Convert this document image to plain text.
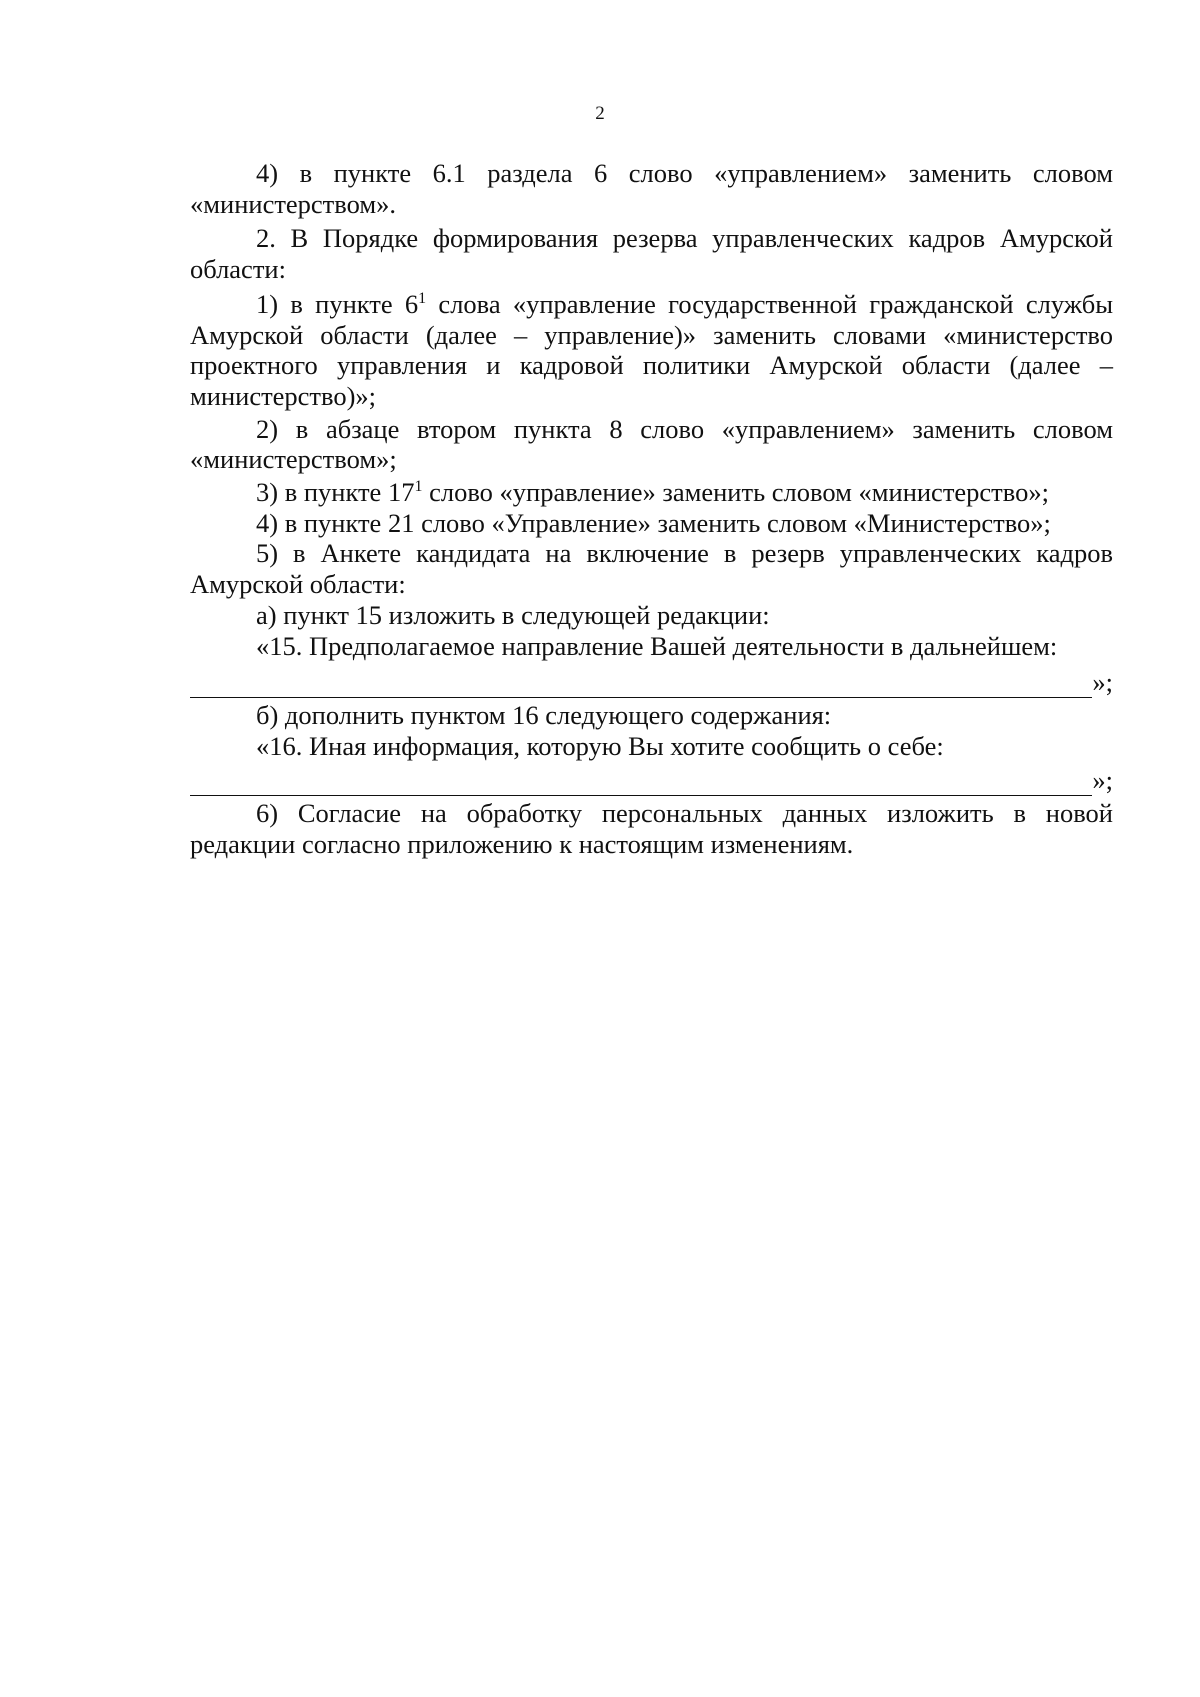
2

4) в пункте 6.1 раздела 6 слово «управлением» заменить словом «министерством».

2. В Порядке формирования резерва управленческих кадров Амурской области:

1) в пункте $6^1$ слова «управление государственной гражданской службы Амурской области (далее – управление)» заменить словами «министерство проектного управления и кадровой политики Амурской области (далее – министерство)»;

2) в абзаце втором пункта 8 слово «управлением» заменить словом «министерством»;

3) в пункте $17^1$ слово «управление» заменить словом «министерство»;

4) в пункте 21 слово «Управление» заменить словом «Министерство»;

5) в Анкете кандидата на включение в резерв управленческих кадров Амурской области:

а) пункт 15 изложить в следующей редакции:

«15. Предполагаемое направление Вашей деятельности в дальнейшем:

»;

б) дополнить пунктом 16 следующего содержания:

«16. Иная информация, которую Вы хотите сообщить о себе:

»;

6) Согласие на обработку персональных данных изложить в новой редакции согласно приложению к настоящим изменениям.
